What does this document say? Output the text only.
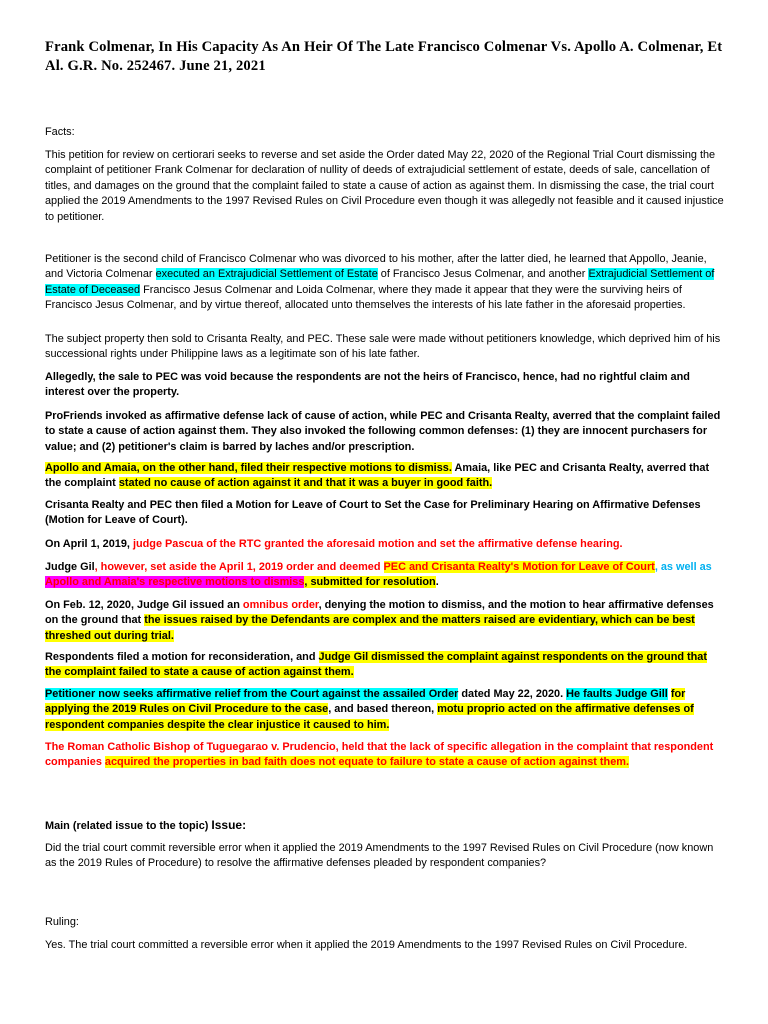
Frank Colmenar, In His Capacity As An Heir Of The Late Francisco Colmenar Vs. Apollo A. Colmenar, Et Al. G.R. No. 252467. June 21, 2021

Facts:

This petition for review on certiorari seeks to reverse and set aside the Order dated May 22, 2020 of the Regional Trial Court dismissing the complaint of petitioner Frank Colmenar for declaration of nullity of deeds of extrajudicial settlement of estate, deeds of sale, cancellation of titles, and damages on the ground that the complaint failed to state a cause of action as against them. In dismissing the case, the trial court applied the 2019 Amendments to the 1997 Revised Rules on Civil Procedure even though it was allegedly not feasible and it caused injustice to petitioner.

Petitioner is the second child of Francisco Colmenar who was divorced to his mother, after the latter died, he learned that Appollo, Jeanie, and Victoria Colmenar executed an Extrajudicial Settlement of Estate of Francisco Jesus Colmenar, and another Extrajudicial Settlement of Estate of Deceased Francisco Jesus Colmenar and Loida Colmenar, where they made it appear that they were the surviving heirs of Francisco Jesus Colmenar, and by virtue thereof, allocated unto themselves the interests of his late father in the aforesaid properties.

The subject property then sold to Crisanta Realty, and PEC. These sale were made without petitioners knowledge, which deprived him of his successional rights under Philippine laws as a legitimate son of his late father.

Allegedly, the sale to PEC was void because the respondents are not the heirs of Francisco, hence, had no rightful claim and interest over the property.

ProFriends invoked as affirmative defense lack of cause of action, while PEC and Crisanta Realty, averred that the complaint failed to state a cause of action against them. They also invoked the following common defenses: (1) they are innocent purchasers for value; and (2) petitioner's claim is barred by laches and/or prescription.

Apollo and Amaia, on the other hand, filed their respective motions to dismiss. Amaia, like PEC and Crisanta Realty, averred that the complaint stated no cause of action against it and that it was a buyer in good faith.

Crisanta Realty and PEC then filed a Motion for Leave of Court to Set the Case for Preliminary Hearing on Affirmative Defenses (Motion for Leave of Court).

On April 1, 2019, judge Pascua of the RTC granted the aforesaid motion and set the affirmative defense hearing.

Judge Gil, however, set aside the April 1, 2019 order and deemed PEC and Crisanta Realty's Motion for Leave of Court, as well as Apollo and Amaia's respective motions to dismiss, submitted for resolution.

On Feb. 12, 2020, Judge Gil issued an omnibus order, denying the motion to dismiss, and the motion to hear affirmative defenses on the ground that the issues raised by the Defendants are complex and the matters raised are evidentiary, which can be best threshed out during trial.

Respondents filed a motion for reconsideration, and Judge Gil dismissed the complaint against respondents on the ground that the complaint failed to state a cause of action against them.

Petitioner now seeks affirmative relief from the Court against the assailed Order dated May 22, 2020. He faults Judge Gill for applying the 2019 Rules on Civil Procedure to the case, and based thereon, motu proprio acted on the affirmative defenses of respondent companies despite the clear injustice it caused to him.

The Roman Catholic Bishop of Tuguegarao v. Prudencio, held that the lack of specific allegation in the complaint that respondent companies acquired the properties in bad faith does not equate to failure to state a cause of action against them.

Main (related issue to the topic) Issue:

Did the trial court commit reversible error when it applied the 2019 Amendments to the 1997 Revised Rules on Civil Procedure (now known as the 2019 Rules of Procedure) to resolve the affirmative defenses pleaded by respondent companies?

Ruling:

Yes. The trial court committed a reversible error when it applied the 2019 Amendments to the 1997 Revised Rules on Civil Procedure.
